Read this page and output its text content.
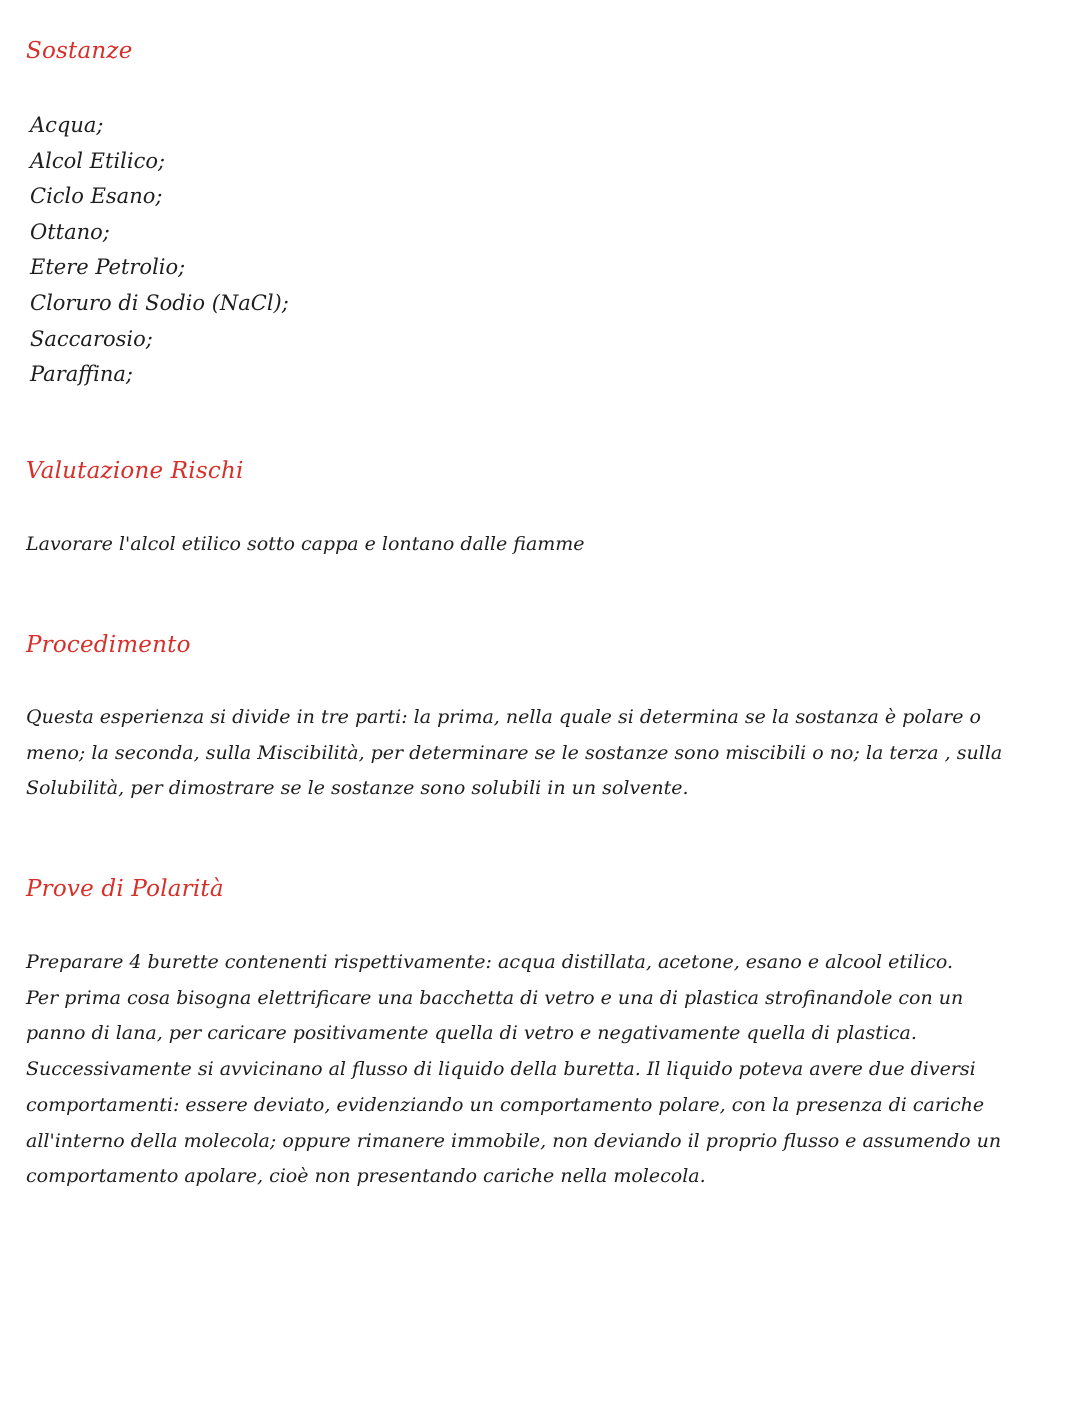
Sostanze
Acqua;
Alcol Etilico;
Ciclo Esano;
Ottano;
Etere Petrolio;
Cloruro di Sodio (NaCl);
Saccarosio;
Paraffina;
Valutazione Rischi

Lavorare l'alcol etilico sotto cappa e lontano dalle fiamme

Procedimento

Questa esperienza si divide in tre parti: la prima, nella quale si determina se la sostanza è polare o
meno; la seconda, sulla Miscibilità, per determinare se le sostanze sono miscibili o no; la terza , sulla
Solubilità, per dimostrare se le sostanze sono solubili in un solvente.

Prove di Polarità

Preparare 4 burette contenenti rispettivamente: acqua distillata, acetone, esano e alcool etilico.
Per prima cosa bisogna elettrificare una bacchetta di vetro e una di plastica strofinandole con un
panno di lana, per caricare positivamente quella di vetro e negativamente quella di plastica.
Successivamente si avvicinano al flusso di liquido della buretta. Il liquido poteva avere due diversi
comportamenti: essere deviato, evidenziando un comportamento polare, con la presenza di cariche
all'interno della molecola; oppure rimanere immobile, non deviando il proprio flusso e assumendo un
comportamento apolare, cioè non presentando cariche nella molecola.
